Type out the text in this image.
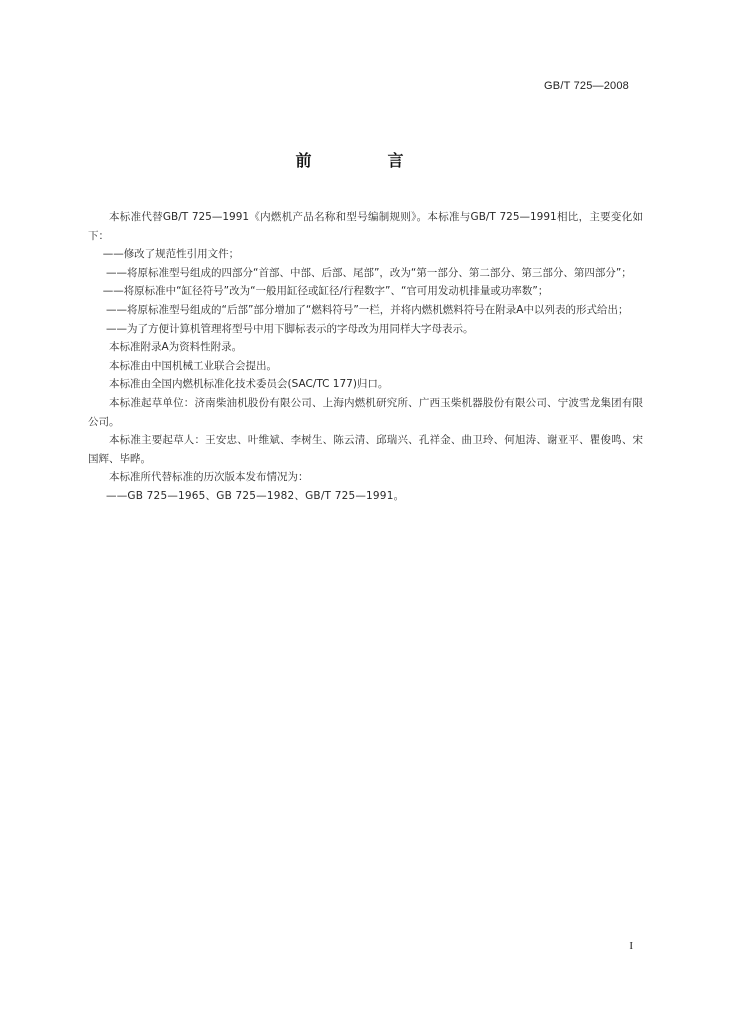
GB/T 725—2008
前　言

本标准代替GB/T 725—1991《内燃机产品名称和型号编制规则》。本标准与GB/T 725—1991相比，主要变化如下：

——修改了规范性引用文件；

——将原标准型号组成的四部分“首部、中部、后部、尾部”，改为“第一部分、第二部分、第三部分、第四部分”；

——将原标准中“缸径符号”改为“一般用缸径或缸径/行程数字”、“官可用发动机排量或功率数”；

——将原标准型号组成的“后部”部分增加了“燃料符号”一栏，并将内燃机燃料符号在附录A中以列表的形式给出；

——为了方便计算机管理将型号中用下脚标表示的字母改为用同样大字母表示。

本标准附录A为资料性附录。

本标准由中国机械工业联合会提出。

本标准由全国内燃机标准化技术委员会(SAC/TC 177)归口。

本标准起草单位：济南柴油机股份有限公司、上海内燃机研究所、广西玉柴机器股份有限公司、宁波雪龙集团有限公司。

本标准主要起草人：王安忠、叶维斌、李树生、陈云清、邱瑞兴、孔祥金、曲卫玲、何旭涛、谢亚平、瞿俊鸣、宋国辉、毕晔。

本标准所代替标准的历次版本发布情况为：

——GB 725—1965、GB 725—1982、GB/T 725—1991。

I
